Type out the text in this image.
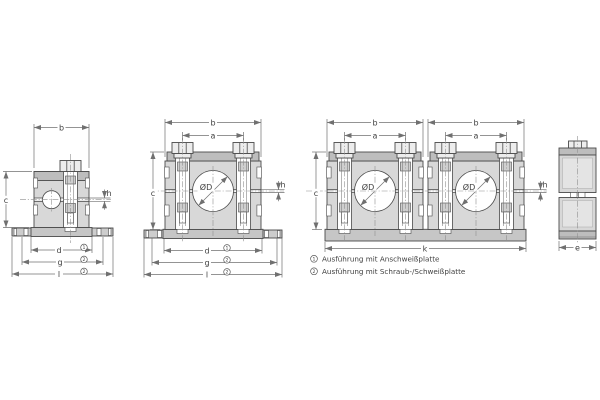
b
c
h
d	1
g	2
l	2
ØD
b
a
c
h
d	1
g	2
l	2
ØD	ØD
b	b
a	a
c
h
k	e
1 Ausführung mit Anschweißplatte
2 Ausführung mit Schraub-/Schweißplatte
